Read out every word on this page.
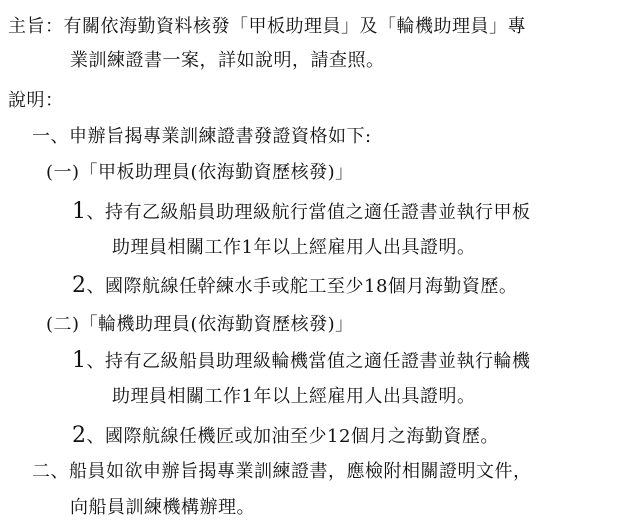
主旨：有關依海勤資料核發「甲板助理員」及「輪機助理員」專
業訓練證書一案，詳如說明，請查照。
說明：
一、申辦旨揭專業訓練證書發證資格如下:
(一)「甲板助理員(依海勤資歷核發)」
1、持有乙級船員助理級航行當值之適任證書並執行甲板
助理員相關工作1年以上經雇用人出具證明。
2、國際航線任幹練水手或舵工至少18個月海勤資歷。
(二)「輪機助理員(依海勤資歷核發)」
1、持有乙級船員助理級輪機當值之適任證書並執行輪機
助理員相關工作1年以上經雇用人出具證明。
2、國際航線任機匠或加油至少12個月之海勤資歷。
二、船員如欲申辦旨揭專業訓練證書，應檢附相關證明文件，
向船員訓練機構辦理。
